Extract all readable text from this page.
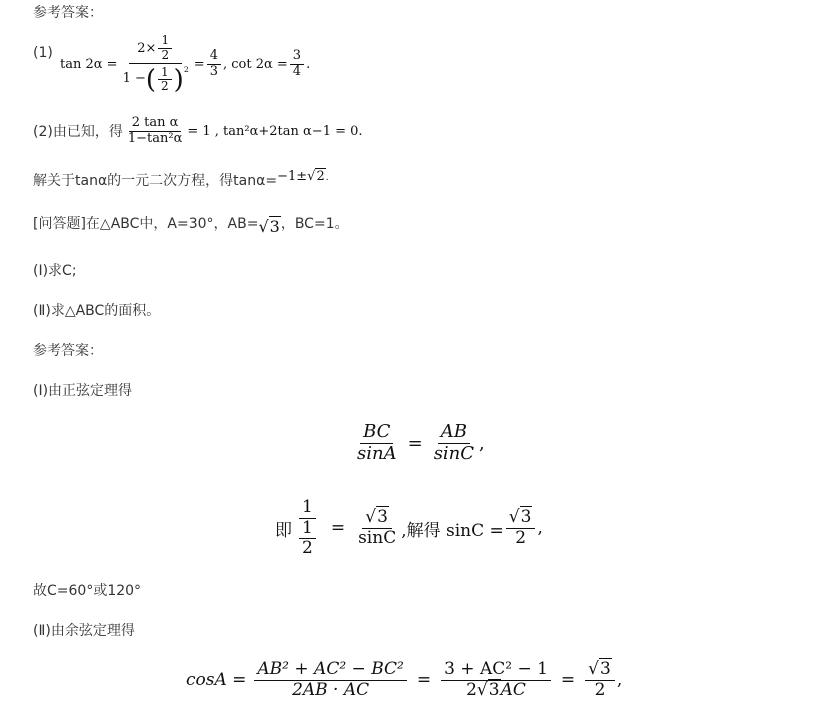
参考答案：
(1)
$\tan 2\alpha = \frac{2\times \frac{1}{2}}{1 - ( \frac{1}{2} )^2} = \frac{4}{3}$ , $\cot 2\alpha = \frac{3}{4}$ .
(2)由已知，得 $\frac{\text{2 tan α}}{\text{1−tan²α}} = 1$ , tan²α+2tan α−1 = 0.
解关于tanα的一元二次方程，得tanα=−1±√2.
[问答题]在△ABC中，A=30°，AB=√3，BC=1。
(Ⅰ)求C;
(Ⅱ)求△ABC的面积。
参考答案：
(Ⅰ)由正弦定理得
$\frac{BC}{\sin A} = \frac{AB}{\sin C}$ ,
即 $\frac{1}{\frac{1}{2}} = \frac{√3}{\sin C}$ ,解得 $\sin C = \frac{√3}{2}$ ,
故C=60°或120°
(Ⅱ)由余弦定理得
$\cos A = \frac{\text{AB² + AC² − BC²}}{2AB \cdot AC} = \frac{\text{3 + AC² − 1}}{2√3AC} = \frac{√3}{2}$ ,
